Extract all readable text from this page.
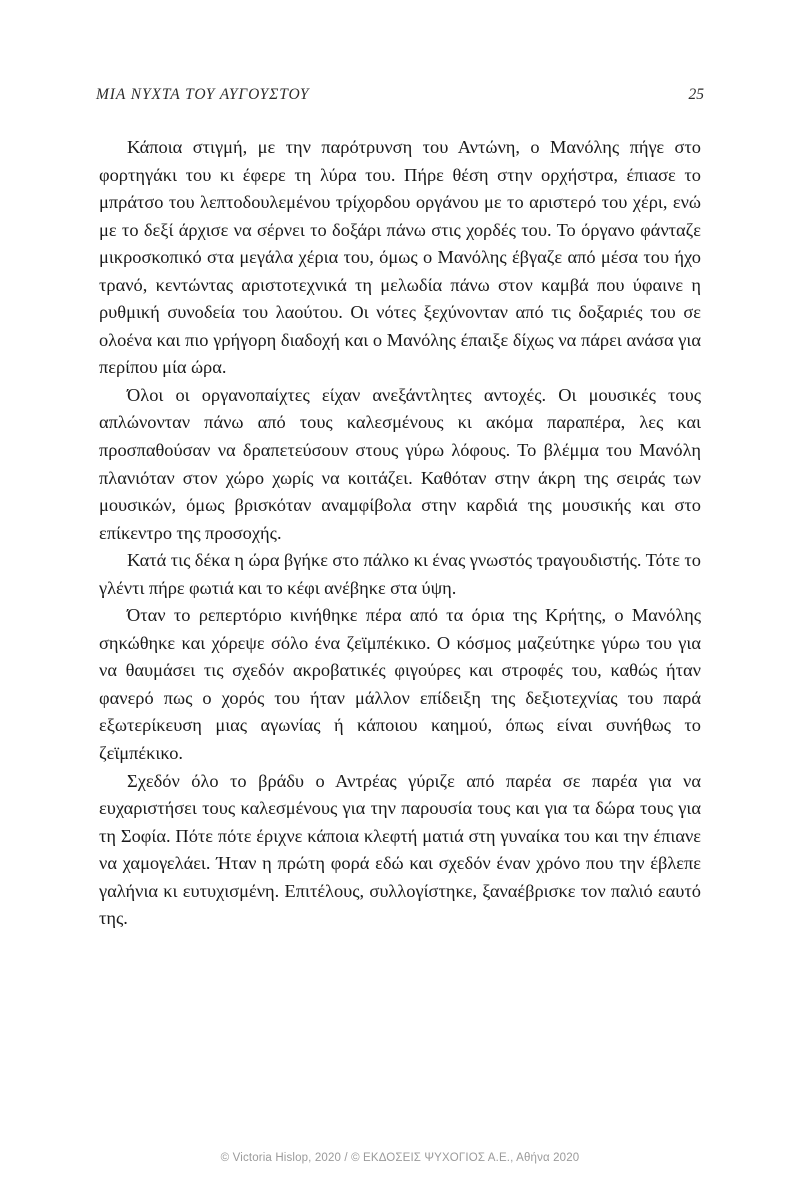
ΜΙΑ ΝΥΧΤΑ ΤΟΥ ΑΥΓΟΥΣΤΟΥ	25

Κάποια στιγμή, με την παρότρυνση του Αντώνη, ο Μανόλης πήγε στο φορτηγάκι του κι έφερε τη λύρα του. Πήρε θέση στην ορχήστρα, έπιασε το μπράτσο του λεπτοδουλεμένου τρίχορδου οργάνου με το αριστερό του χέρι, ενώ με το δεξί άρχισε να σέρνει το δοξάρι πάνω στις χορδές του. Το όργανο φάνταζε μικροσκοπικό στα μεγάλα χέρια του, όμως ο Μανόλης έβγαζε από μέσα του ήχο τρανό, κεντώντας αριστοτεχνικά τη μελωδία πάνω στον καμβά που ύφαινε η ρυθμική συνοδεία του λαούτου. Οι νότες ξεχύνονταν από τις δοξαριές του σε ολοένα και πιο γρήγορη διαδοχή και ο Μανόλης έπαιξε δίχως να πάρει ανάσα για περίπου μία ώρα.

Όλοι οι οργανοπαίχτες είχαν ανεξάντλητες αντοχές. Οι μουσικές τους απλώνονταν πάνω από τους καλεσμένους κι ακόμα παραπέρα, λες και προσπαθούσαν να δραπετεύσουν στους γύρω λόφους. Το βλέμμα του Μανόλη πλανιόταν στον χώρο χωρίς να κοιτάζει. Καθόταν στην άκρη της σειράς των μουσικών, όμως βρισκόταν αναμφίβολα στην καρδιά της μουσικής και στο επίκεντρο της προσοχής.

Κατά τις δέκα η ώρα βγήκε στο πάλκο κι ένας γνωστός τραγουδιστής. Τότε το γλέντι πήρε φωτιά και το κέφι ανέβηκε στα ύψη.

Όταν το ρεπερτόριο κινήθηκε πέρα από τα όρια της Κρήτης, ο Μανόλης σηκώθηκε και χόρεψε σόλο ένα ζεϊμπέκικο. Ο κόσμος μαζεύτηκε γύρω του για να θαυμάσει τις σχεδόν ακροβατικές φιγούρες και στροφές του, καθώς ήταν φανερό πως ο χορός του ήταν μάλλον επίδειξη της δεξιοτεχνίας του παρά εξωτερίκευση μιας αγωνίας ή κάποιου καημού, όπως είναι συνήθως το ζεϊμπέκικο.

Σχεδόν όλο το βράδυ ο Αντρέας γύριζε από παρέα σε παρέα για να ευχαριστήσει τους καλεσμένους για την παρουσία τους και για τα δώρα τους για τη Σοφία. Πότε πότε έριχνε κάποια κλεφτή ματιά στη γυναίκα του και την έπιανε να χαμογελάει. Ήταν η πρώτη φορά εδώ και σχεδόν έναν χρόνο που την έβλεπε γαλήνια κι ευτυχισμένη. Επιτέλους, συλλογίστηκε, ξαναέβρισκε τον παλιό εαυτό της.

© Victoria Hislop, 2020 / © ΕΚΔΟΣΕΙΣ ΨΥΧΟΓΙΟΣ Α.Ε., Αθήνα 2020
